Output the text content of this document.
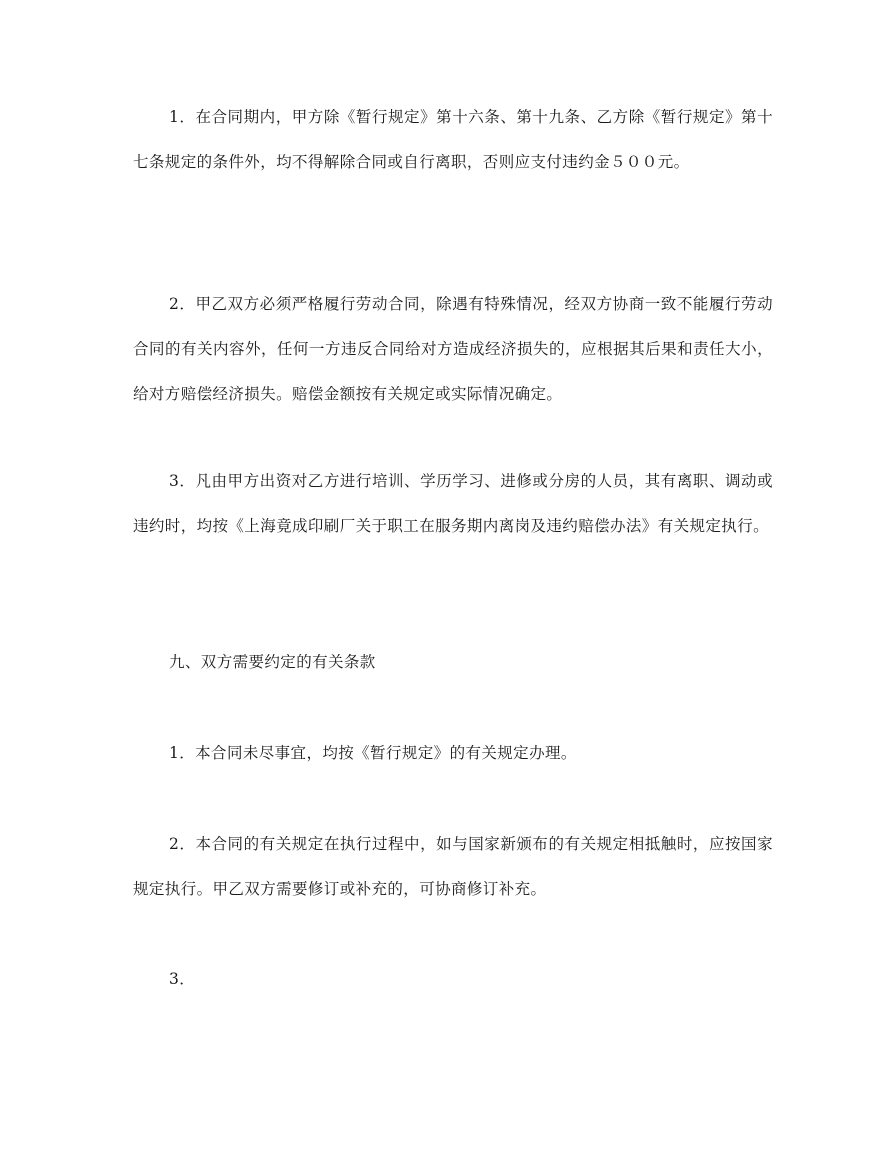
1．在合同期内，甲方除《暂行规定》第十六条、第十九条、乙方除《暂行规定》第十七条规定的条件外，均不得解除合同或自行离职，否则应支付违约金５００元。

2．甲乙双方必须严格履行劳动合同，除遇有特殊情况，经双方协商一致不能履行劳动合同的有关内容外，任何一方违反合同给对方造成经济损失的，应根据其后果和责任大小，给对方赔偿经济损失。赔偿金额按有关规定或实际情况确定。

3．凡由甲方出资对乙方进行培训、学历学习、进修或分房的人员，其有离职、调动或违约时，均按《上海竟成印刷厂关于职工在服务期内离岗及违约赔偿办法》有关规定执行。

九、双方需要约定的有关条款

1．本合同未尽事宜，均按《暂行规定》的有关规定办理。

2．本合同的有关规定在执行过程中，如与国家新颁布的有关规定相抵触时，应按国家规定执行。甲乙双方需要修订或补充的，可协商修订补充。

3．
